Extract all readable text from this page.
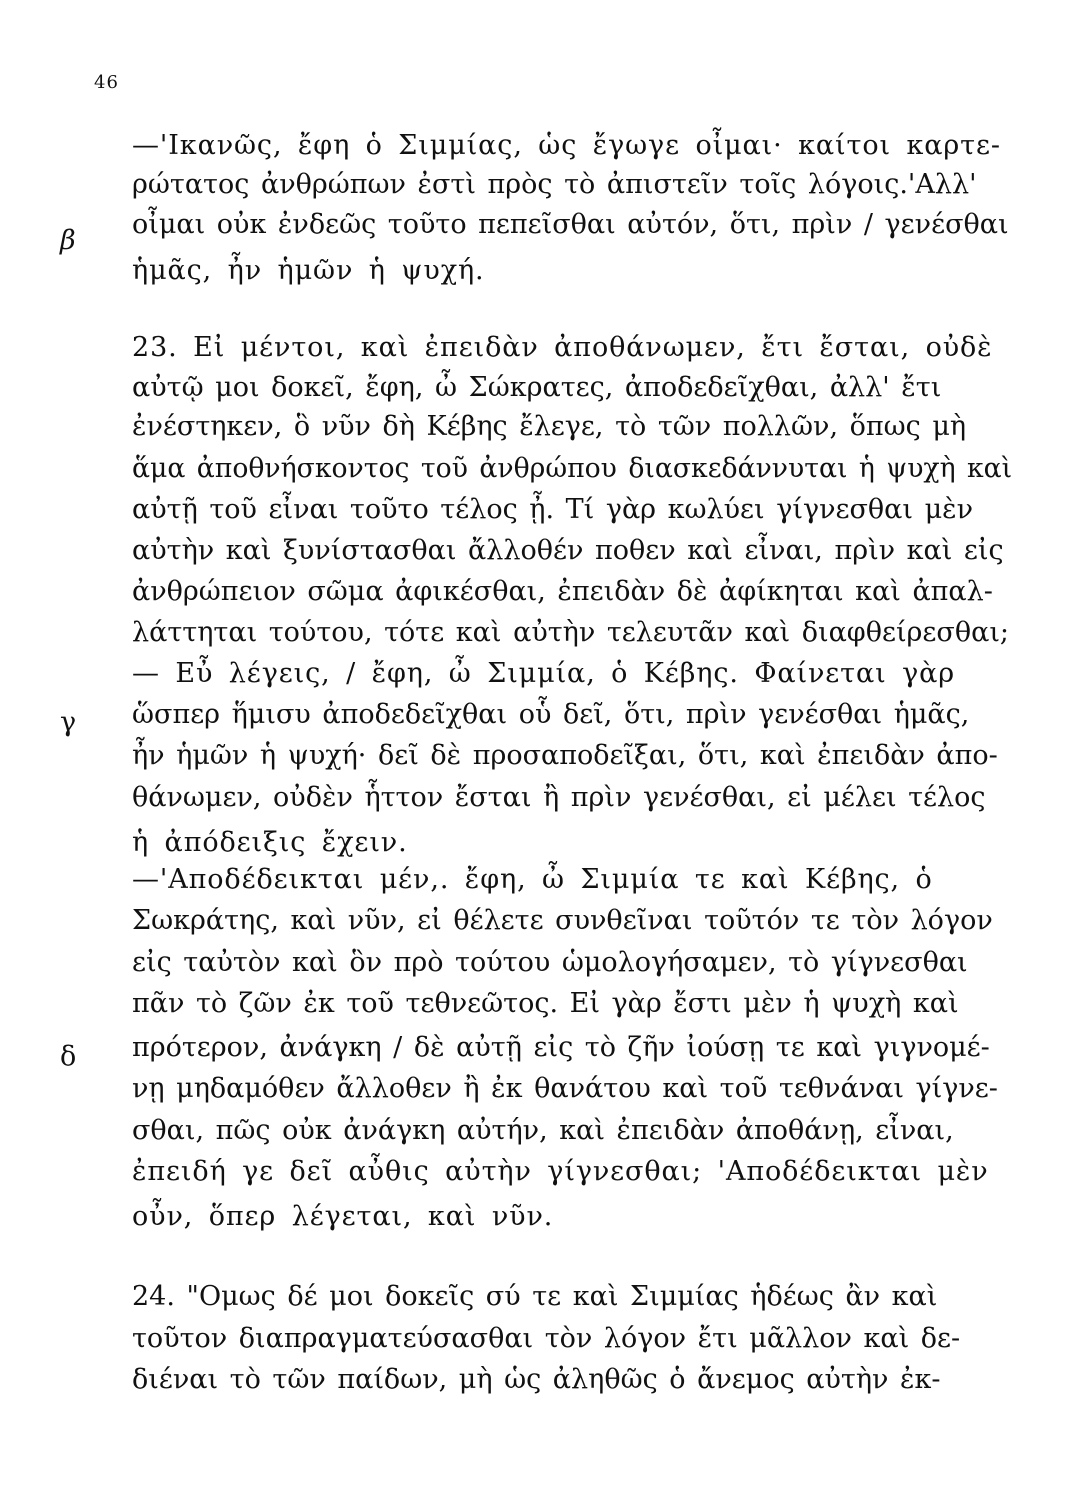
46
β
γ
δ
—'Ικανῶς, ἔφη ὁ Σιμμίας, ὡς ἔγωγε οἶμαι· καίτοι καρτε-
ρώτατος ἀνθρώπων ἐστὶ πρὸς τὸ ἀπιστεῖν τοῖς λόγοις.'Αλλ'
οἶμαι οὐκ ἐνδεῶς τοῦτο πεπεῖσθαι αὐτόν, ὅτι, πρὶν / γενέσθαι
ἡμᾶς, ἦν ἡμῶν ἡ ψυχή.
23. Εἰ μέντοι, καὶ ἐπειδὰν ἀποθάνωμεν, ἔτι ἔσται, οὐδὲ
αὐτῷ μοι δοκεῖ, ἔφη, ὦ Σώκρατες, ἀποδεδεῖχθαι, ἀλλ' ἔτι
ἐνέστηκεν, ὃ νῦν δὴ Κέβης ἔλεγε, τὸ τῶν πολλῶν, ὅπως μὴ
ἅμα ἀποθνήσκοντος τοῦ ἀνθρώπου διασκεδάννυται ἡ ψυχὴ καὶ
αὐτῇ τοῦ εἶναι τοῦτο τέλος ᾖ. Τί γὰρ κωλύει γίγνεσθαι μὲν
αὐτὴν καὶ ξυνίστασθαι ἄλλοθέν ποθεν καὶ εἶναι, πρὶν καὶ εἰς
ἀνθρώπειον σῶμα ἀφικέσθαι, ἐπειδὰν δὲ ἀφίκηται καὶ ἀπαλ-
λάττηται τούτου, τότε καὶ αὐτὴν τελευτᾶν καὶ διαφθείρεσθαι;
— Εὖ λέγεις, / ἔφη, ὦ Σιμμία, ὁ Κέβης. Φαίνεται γὰρ
ὥσπερ ἥμισυ ἀποδεδεῖχθαι οὗ δεῖ, ὅτι, πρὶν γενέσθαι ἡμᾶς,
ἦν ἡμῶν ἡ ψυχή· δεῖ δὲ προσαποδεῖξαι, ὅτι, καὶ ἐπειδὰν ἀπο-
θάνωμεν, οὐδὲν ἧττον ἔσται ἢ πρὶν γενέσθαι, εἰ μέλει τέλος
ἡ ἀπόδειξις ἔχειν.
—'Αποδέδεικται μέν,. ἔφη, ὦ Σιμμία τε καὶ Κέβης, ὁ
Σωκράτης, καὶ νῦν, εἰ θέλετε συνθεῖναι τοῦτόν τε τὸν λόγον
εἰς ταὐτὸν καὶ ὃν πρὸ τούτου ὡμολογήσαμεν, τὸ γίγνεσθαι
πᾶν τὸ ζῶν ἐκ τοῦ τεθνεῶτος. Εἰ γὰρ ἔστι μὲν ἡ ψυχὴ καὶ
πρότερον, ἀνάγκη / δὲ αὐτῇ εἰς τὸ ζῆν ἰούσῃ τε καὶ γιγνομέ-
νῃ μηδαμόθεν ἄλλοθεν ἢ ἐκ θανάτου καὶ τοῦ τεθνάναι γίγνε-
σθαι, πῶς οὐκ ἀνάγκη αὐτήν, καὶ ἐπειδὰν ἀποθάνῃ, εἶναι,
ἐπειδή γε δεῖ αὖθις αὐτὴν γίγνεσθαι; 'Αποδέδεικται μὲν
οὖν, ὅπερ λέγεται, καὶ νῦν.
24. "Ομως δέ μοι δοκεῖς σύ τε καὶ Σιμμίας ἡδέως ἂν καὶ
τοῦτον διαπραγματεύσασθαι τὸν λόγον ἔτι μᾶλλον καὶ δε-
διέναι τὸ τῶν παίδων, μὴ ὡς ἀληθῶς ὁ ἄνεμος αὐτὴν ἐκ-
